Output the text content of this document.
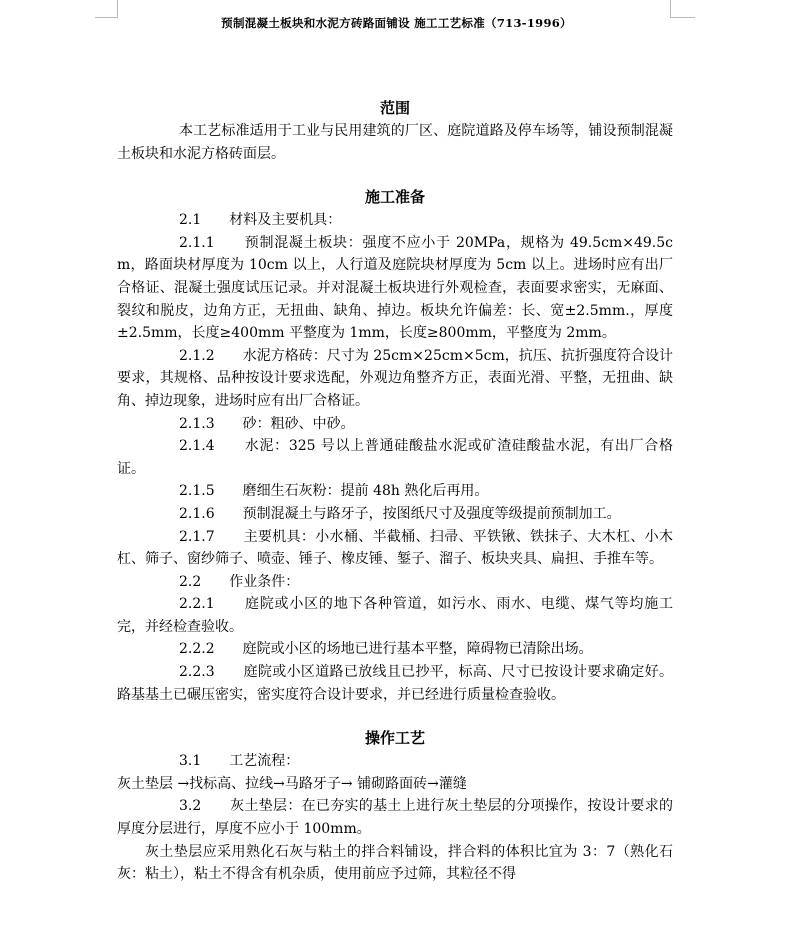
预制混凝土板块和水泥方砖路面铺设 施工工艺标准（713-1996）
范围
本工艺标准适用于工业与民用建筑的厂区、庭院道路及停车场等，铺设预制混凝土板块和水泥方格砖面层。
施工准备
2.1　　材料及主要机具：
2.1.1　　预制混凝土板块：强度不应小于 20MPa，规格为 49.5cm×49.5cm，路面块材厚度为 10cm 以上，人行道及庭院块材厚度为 5cm 以上。进场时应有出厂合格证、混凝土强度试压记录。并对混凝土板块进行外观检查，表面要求密实，无麻面、裂纹和脱皮，边角方正，无扭曲、缺角、掉边。板块允许偏差：长、宽±2.5mm.，厚度±2.5mm，长度≥400mm 平整度为 1mm，长度≥800mm，平整度为 2mm。
2.1.2　　水泥方格砖：尺寸为 25cm×25cm×5cm，抗压、抗折强度符合设计要求，其规格、品种按设计要求选配，外观边角整齐方正，表面光滑、平整，无扭曲、缺角、掉边现象，进场时应有出厂合格证。
2.1.3　　砂：粗砂、中砂。
2.1.4　　水泥：325 号以上普通硅酸盐水泥或矿渣硅酸盐水泥，有出厂合格证。
2.1.5　　磨细生石灰粉：提前 48h 熟化后再用。
2.1.6　　预制混凝土与路牙子，按图纸尺寸及强度等级提前预制加工。
2.1.7　　主要机具：小水桶、半截桶、扫帚、平铁锹、铁抹子、大木杠、小木杠、筛子、窗纱筛子、喷壶、锤子、橡皮锤、錾子、溜子、板块夹具、扁担、手推车等。
2.2　　作业条件：
2.2.1　　庭院或小区的地下各种管道，如污水、雨水、电缆、煤气等均施工完，并经检查验收。
2.2.2　　庭院或小区的场地已进行基本平整，障碍物已清除出场。
2.2.3　　庭院或小区道路已放线且已抄平，标高、尺寸已按设计要求确定好。路基基土已碾压密实，密实度符合设计要求，并已经进行质量检查验收。
操作工艺
3.1　　工艺流程：
灰土垫层 →找标高、拉线→马路牙子→ 铺砌路面砖→灌缝
3.2　　灰土垫层：在已夯实的基土上进行灰土垫层的分项操作，按设计要求的厚度分层进行，厚度不应小于 100mm。
灰土垫层应采用熟化石灰与粘土的拌合料铺设，拌合料的体积比宜为 3：7（熟化石灰：粘土），粘土不得含有机杂质，使用前应予过筛，其粒径不得
